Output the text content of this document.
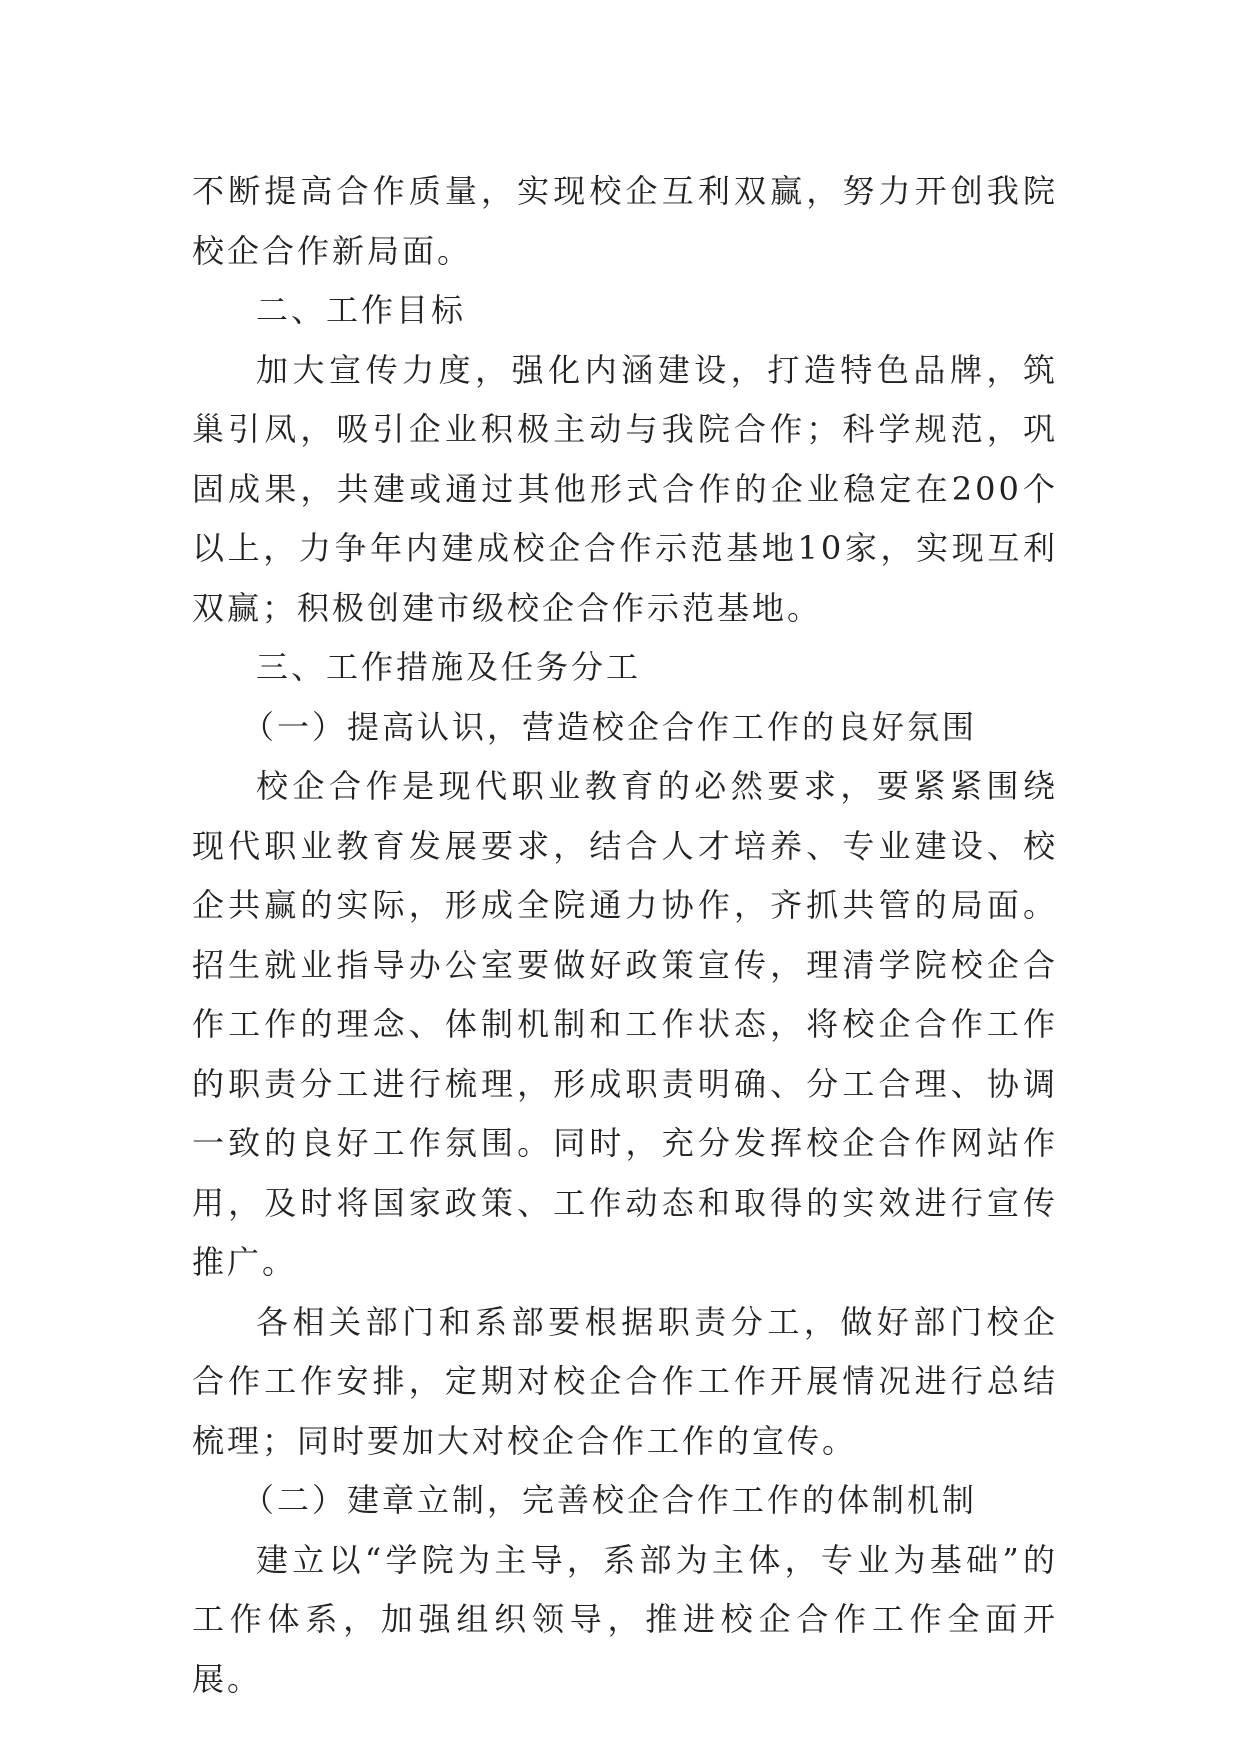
不断提高合作质量，实现校企互利双赢，努力开创我院校企合作新局面。

二、工作目标

加大宣传力度，强化内涵建设，打造特色品牌，筑巢引凤，吸引企业积极主动与我院合作；科学规范，巩固成果，共建或通过其他形式合作的企业稳定在200个以上，力争年内建成校企合作示范基地10家，实现互利双赢；积极创建市级校企合作示范基地。

三、工作措施及任务分工

（一）提高认识，营造校企合作工作的良好氛围

校企合作是现代职业教育的必然要求，要紧紧围绕现代职业教育发展要求，结合人才培养、专业建设、校企共赢的实际，形成全院通力协作，齐抓共管的局面。招生就业指导办公室要做好政策宣传，理清学院校企合作工作的理念、体制机制和工作状态，将校企合作工作的职责分工进行梳理，形成职责明确、分工合理、协调一致的良好工作氛围。同时，充分发挥校企合作网站作用，及时将国家政策、工作动态和取得的实效进行宣传推广。

各相关部门和系部要根据职责分工，做好部门校企合作工作安排，定期对校企合作工作开展情况进行总结梳理；同时要加大对校企合作工作的宣传。

（二）建章立制，完善校企合作工作的体制机制

建立以“学院为主导，系部为主体，专业为基础”的工作体系，加强组织领导，推进校企合作工作全面开展。
